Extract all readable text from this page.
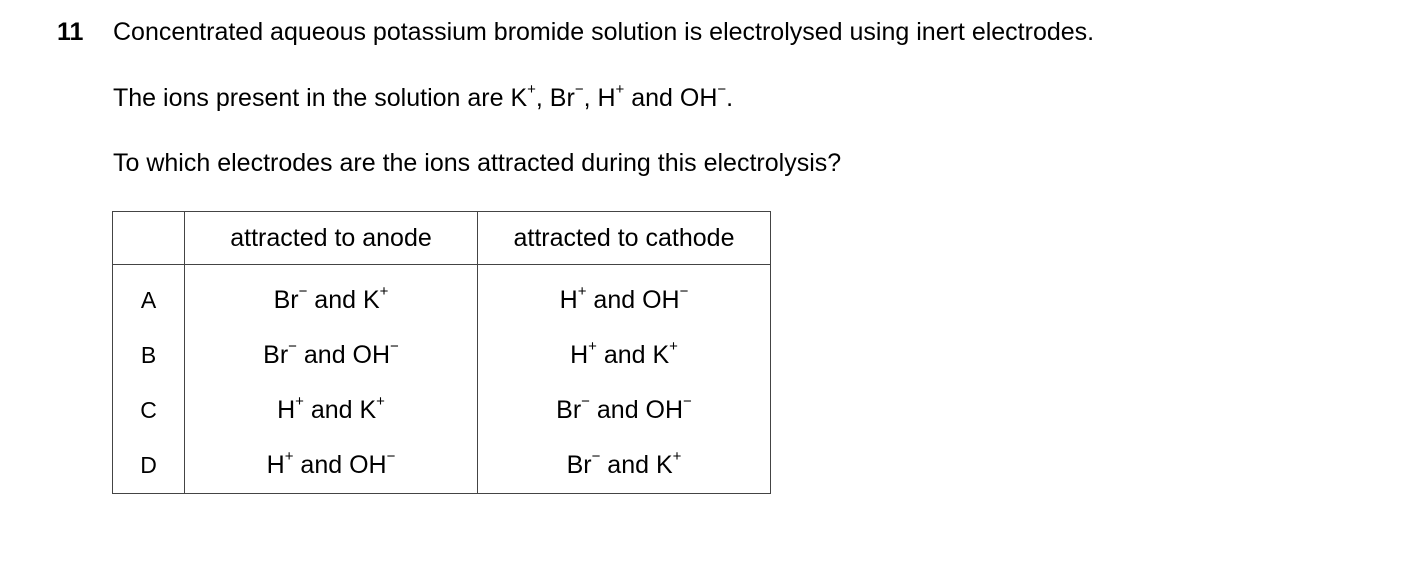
11 Concentrated aqueous potassium bromide solution is electrolysed using inert electrodes.
The ions present in the solution are K+, Br−, H+ and OH−.
To which electrodes are the ions attracted during this electrolysis?
	attracted to anode	attracted to cathode
A	Br− and K+	H+ and OH−
B	Br− and OH−	H+ and K+
C	H+ and K+	Br− and OH−
D	H+ and OH−	Br− and K+
